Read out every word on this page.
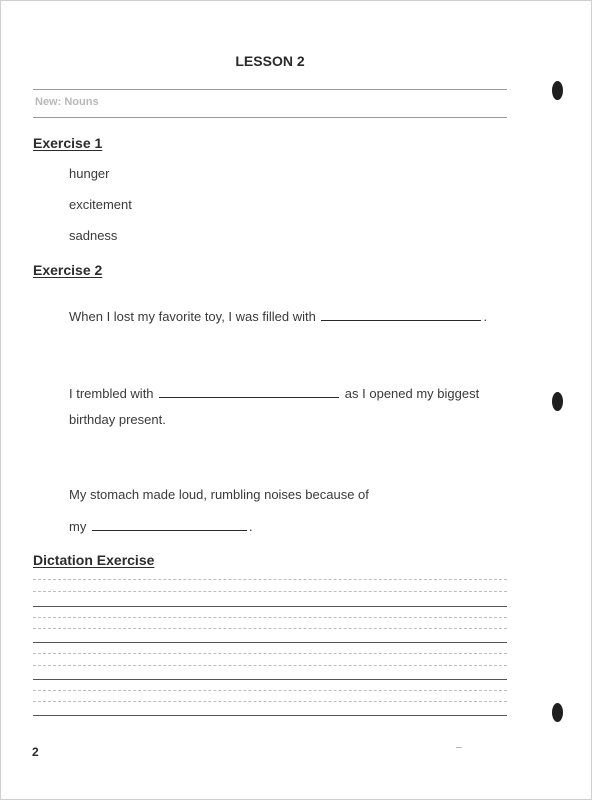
LESSON 2
New: Nouns
Exercise 1
hunger
excitement
sadness
Exercise 2
When I lost my favorite toy, I was filled with	.
I trembled with	as I opened my biggest
birthday present.
My stomach made loud, rumbling noises because of
my	.
Dictation Exercise
2
